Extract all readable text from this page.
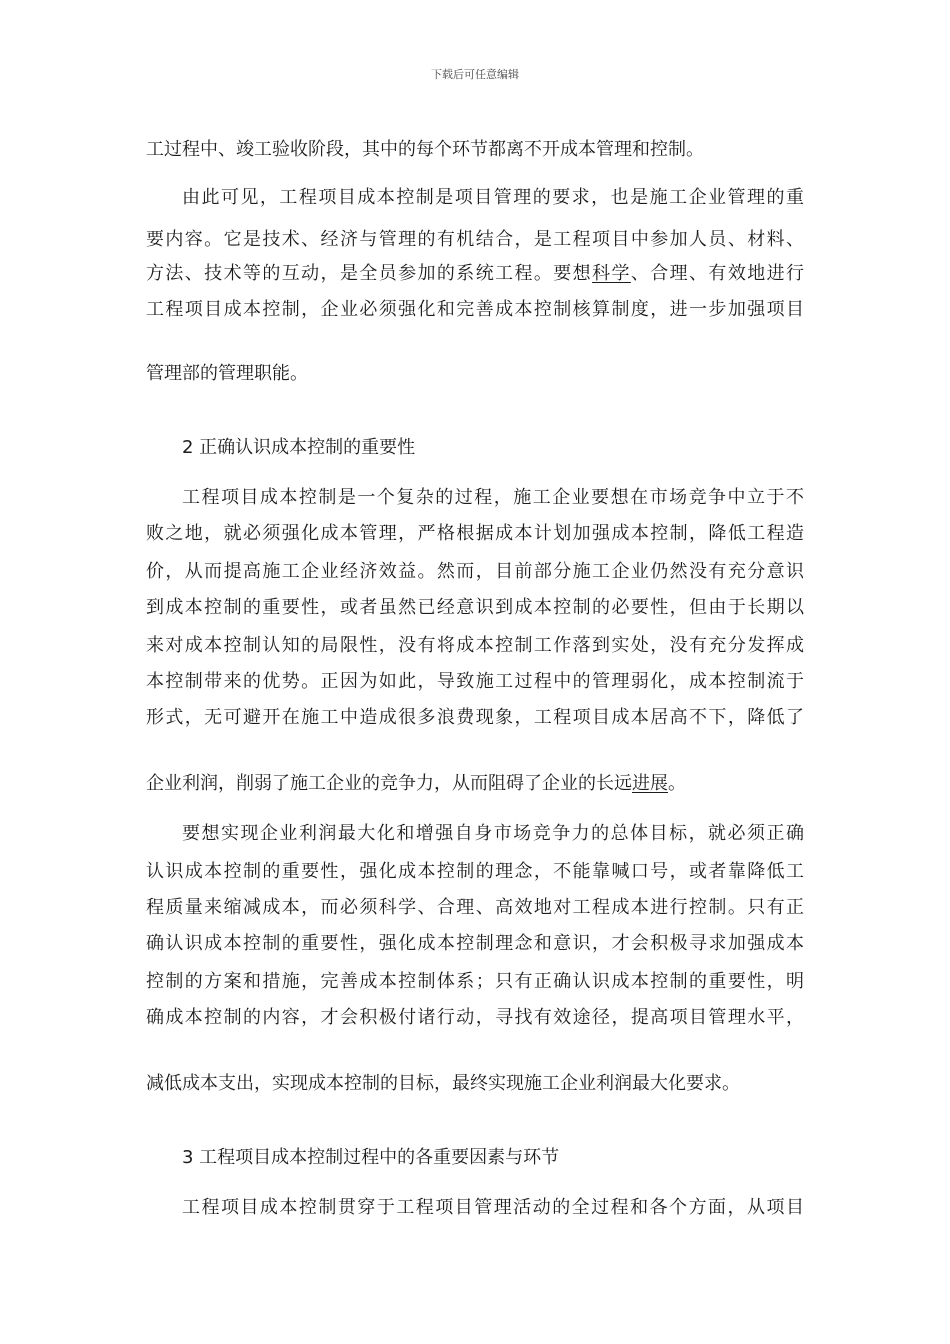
下载后可任意编辑
工过程中、竣工验收阶段，其中的每个环节都离不开成本管理和控制。
由此可见，工程项目成本控制是项目管理的要求，也是施工企业管理的重
要内容。它是技术、经济与管理的有机结合，是工程项目中参加人员、材料、
方法、技术等的互动，是全员参加的系统工程。要想科学、合理、有效地进行
工程项目成本控制，企业必须强化和完善成本控制核算制度，进一步加强项目
管理部的管理职能。
2 正确认识成本控制的重要性
工程项目成本控制是一个复杂的过程，施工企业要想在市场竞争中立于不
败之地，就必须强化成本管理，严格根据成本计划加强成本控制，降低工程造
价，从而提高施工企业经济效益。然而，目前部分施工企业仍然没有充分意识
到成本控制的重要性，或者虽然已经意识到成本控制的必要性，但由于长期以
来对成本控制认知的局限性，没有将成本控制工作落到实处，没有充分发挥成
本控制带来的优势。正因为如此，导致施工过程中的管理弱化，成本控制流于
形式，无可避开在施工中造成很多浪费现象，工程项目成本居高不下，降低了
企业利润，削弱了施工企业的竞争力，从而阻碍了企业的长远进展。
要想实现企业利润最大化和增强自身市场竞争力的总体目标，就必须正确
认识成本控制的重要性，强化成本控制的理念，不能靠喊口号，或者靠降低工
程质量来缩减成本，而必须科学、合理、高效地对工程成本进行控制。只有正
确认识成本控制的重要性，强化成本控制理念和意识，才会积极寻求加强成本
控制的方案和措施，完善成本控制体系；只有正确认识成本控制的重要性，明
确成本控制的内容，才会积极付诸行动，寻找有效途径，提高项目管理水平，
减低成本支出，实现成本控制的目标，最终实现施工企业利润最大化要求。
3 工程项目成本控制过程中的各重要因素与环节
工程项目成本控制贯穿于工程项目管理活动的全过程和各个方面，从项目
